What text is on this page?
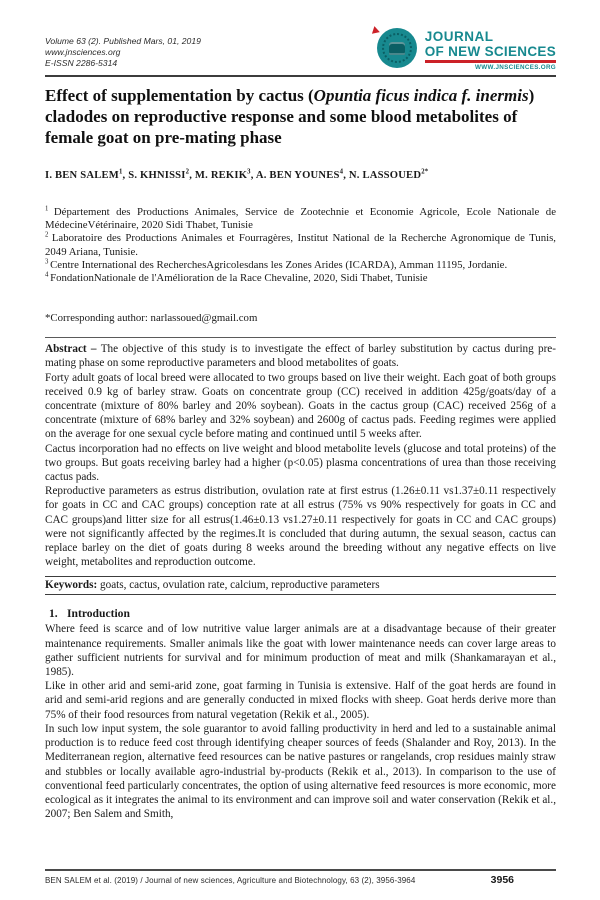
Volume 63 (2). Published Mars, 01, 2019
www.jnsciences.org
E-ISSN 2286-5314
JOURNAL
OF NEW SCIENCES
WWW.JNSCIENCES.ORG
Effect of supplementation by cactus (Opuntia ficus indica f. inermis) cladodes on reproductive response and some blood metabolites of female goat on pre-mating phase
I. BEN SALEM$^1$, S. KHNISSI$^2$, M. REKIK$^3$, A. BEN YOUNES$^4$, N. $LASSOUED^{2*}$
$^1$ Département des Productions Animales, Service de Zootechnie et Economie Agricole, Ecole Nationale de MédecineVétérinaire, 2020 Sidi Thabet, Tunisie
$^2$ Laboratoire des Productions Animales et Fourragères, Institut National de la Recherche Agronomique de Tunis, 2049 Ariana, Tunisie.
$^3$ Centre International des RecherchesAgricolesdans les Zones Arides (ICARDA), Amman 11195, Jordanie.
$^4$ FondationNationale de l'Amélioration de la Race Chevaline, 2020, Sidi Thabet, Tunisie
*Corresponding author: narlassoued@gmail.com

Abstract – The objective of this study is to investigate the effect of barley substitution by cactus during pre-mating phase on some reproductive parameters and blood metabolites of goats.

Forty adult goats of local breed were allocated to two groups based on live their weight. Each goat of both groups received 0.9 kg of barley straw. Goats on concentrate group (CC) received in addition 425g/goats/day of a concentrate (mixture of 80% barley and 20% soybean). Goats in the cactus group (CAC) received 256g of a concentrate (mixture of 68% barley and 32% soybean) and 2600g of cactus pads. Feeding regimes were applied on the average for one sexual cycle before mating and continued until 5 weeks after.

Cactus incorporation had no effects on live weight and blood metabolite levels (glucose and total proteins) of the two groups. But goats receiving barley had a higher (p<0.05) plasma concentrations of urea than those receiving cactus pads.

Reproductive parameters as estrus distribution, ovulation rate at first estrus (1.26±0.11 vs1.37±0.11 respectively for goats in CC and CAC groups) conception rate at all estrus (75% vs 90% respectively for goats in CC and CAC groups)and litter size for all estrus(1.46±0.13 vs1.27±0.11 respectively for goats in CC and CAC groups) were not significantly affected by the regimes.It is concluded that during autumn, the sexual season, cactus can replace barley on the diet of goats during 8 weeks around the breeding without any negative effects on live weight, metabolites and reproduction outcome.

Keywords: goats, cactus, ovulation rate, calcium, reproductive parameters
1. Introduction

Where feed is scarce and of low nutritive value larger animals are at a disadvantage because of their greater maintenance requirements. Smaller animals like the goat with lower maintenance needs can cover large areas to gather sufficient nutrients for survival and for minimum production of meat and milk (Shankamarayan et al., 1985).

Like in other arid and semi-arid zone, goat farming in Tunisia is extensive. Half of the goat herds are found in arid and semi-arid regions and are generally conducted in mixed flocks with sheep. Goat herds derive more than 75% of their food resources from natural vegetation (Rekik et al., 2005).

In such low input system, the sole guarantor to avoid falling productivity in herd and led to a sustainable animal production is to reduce feed cost through identifying cheaper sources of feeds (Shalander and Roy, 2013). In the Mediterranean region, alternative feed resources can be native pastures or rangelands, crop residues mainly straw and stubbles or locally available agro-industrial by-products (Rekik et al., 2013). In comparison to the use of conventional feed particularly concentrates, the option of using alternative feed resources is more economic, more ecological as it integrates the animal to its environment and can improve soil and water conservation (Rekik et al., 2007; Ben Salem and Smith,

BEN SALEM et al. (2019) / Journal of new sciences, Agriculture and Biotechnology, 63 (2), 3956-3964	3956
